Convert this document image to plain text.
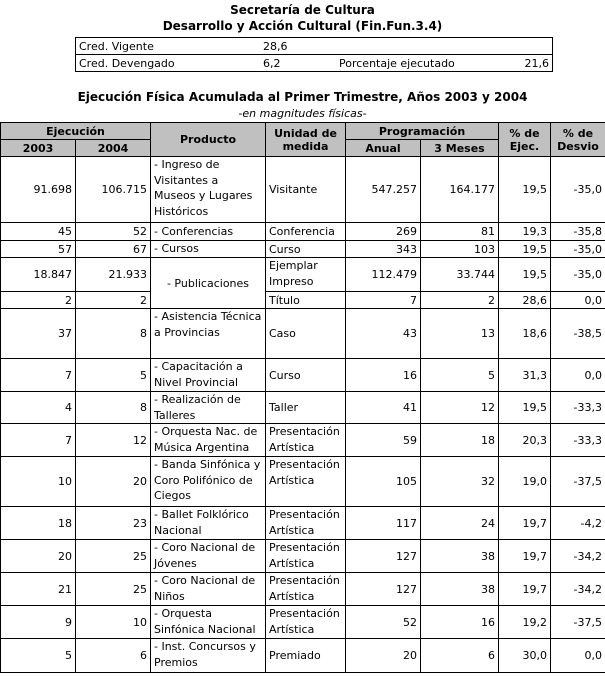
Secretaría de Cultura
Desarrollo y Acción Cultural (Fin.Fun.3.4)
Cred. Vigente	28,6		
Cred. Devengado	6,2	Porcentaje ejecutado	21,6
Ejecución Física Acumulada al Primer Trimestre, Años 2003 y 2004
-en magnitudes físicas-
Ejecución		Producto	Unidad de medida	Programación		% de Ejec.	% de Desvio
2003	2004			Anual	3 Meses		
91.698	106.715	- Ingreso de Visitantes a Museos y Lugares Históricos	Visitante	547.257	164.177	19,5	-35,0
45	52	- Conferencias	Conferencia	269	81	19,3	-35,8
57	67	- Cursos	Curso	343	103	19,5	-35,0
18.847	21.933	- Publicaciones	Ejemplar Impreso	112.479	33.744	19,5	-35,0
2	2		Título	7	2	28,6	0,0
37	8	- Asistencia Técnica a Provincias	Caso	43	13	18,6	-38,5
7	5	- Capacitación a Nivel Provincial	Curso	16	5	31,3	0,0
4	8	- Realización de Talleres	Taller	41	12	19,5	-33,3
7	12	- Orquesta Nac. de Música Argentina	Presentación Artística	59	18	20,3	-33,3
10	20	- Banda Sinfónica y Coro Polifónico de Ciegos	Presentación Artística	105	32	19,0	-37,5
18	23	- Ballet Folklórico Nacional	Presentación Artística	117	24	19,7	-4,2
20	25	- Coro Nacional de Jóvenes	Presentación Artística	127	38	19,7	-34,2
21	25	- Coro Nacional de Niños	Presentación Artística	127	38	19,7	-34,2
9	10	- Orquesta Sinfónica Nacional	Presentación Artística	52	16	19,2	-37,5
5	6	- Inst. Concursos y Premios	Premiado	20	6	30,0	0,0
